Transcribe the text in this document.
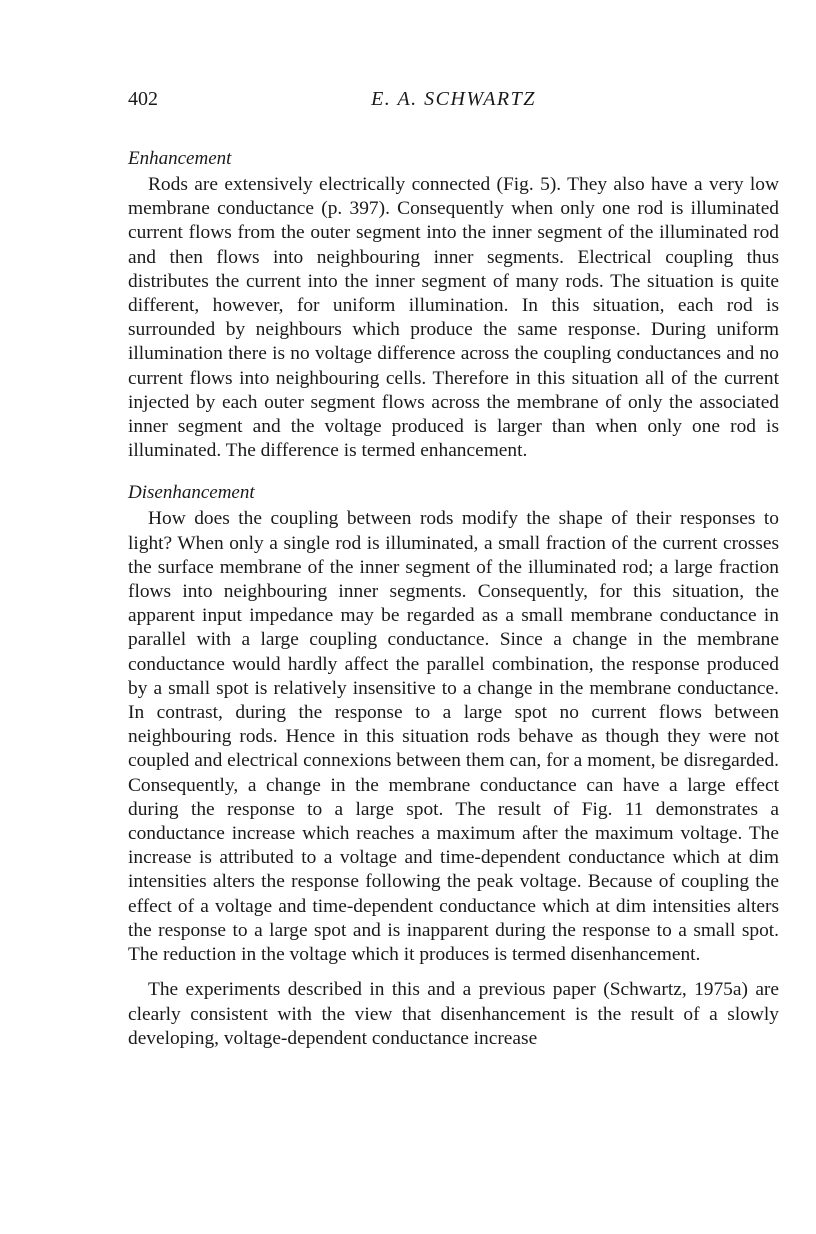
402	E. A. SCHWARTZ
Enhancement

Rods are extensively electrically connected (Fig. 5). They also have a very low membrane conductance (p. 397). Consequently when only one rod is illuminated current flows from the outer segment into the inner segment of the illuminated rod and then flows into neighbouring inner segments. Electrical coupling thus distributes the current into the inner segment of many rods. The situation is quite different, however, for uniform illumination. In this situation, each rod is surrounded by neighbours which produce the same response. During uniform illumination there is no voltage difference across the coupling conductances and no current flows into neighbouring cells. Therefore in this situation all of the current injected by each outer segment flows across the membrane of only the associated inner segment and the voltage produced is larger than when only one rod is illuminated. The difference is termed enhancement.

Disenhancement

How does the coupling between rods modify the shape of their responses to light? When only a single rod is illuminated, a small fraction of the current crosses the surface membrane of the inner segment of the illuminated rod; a large fraction flows into neighbouring inner segments. Consequently, for this situation, the apparent input impedance may be regarded as a small membrane conductance in parallel with a large coupling conductance. Since a change in the membrane conductance would hardly affect the parallel combination, the response produced by a small spot is relatively insensitive to a change in the membrane conductance. In contrast, during the response to a large spot no current flows between neighbouring rods. Hence in this situation rods behave as though they were not coupled and electrical connexions between them can, for a moment, be disregarded. Consequently, a change in the membrane conductance can have a large effect during the response to a large spot. The result of Fig. 11 demonstrates a conductance increase which reaches a maximum after the maximum voltage. The increase is attributed to a voltage and time-dependent conductance which at dim intensities alters the response following the peak voltage. Because of coupling the effect of a voltage and time-dependent conductance which at dim intensities alters the response to a large spot and is inapparent during the response to a small spot. The reduction in the voltage which it produces is termed disenhancement.

The experiments described in this and a previous paper (Schwartz, 1975a) are clearly consistent with the view that disenhancement is the result of a slowly developing, voltage-dependent conductance increase
